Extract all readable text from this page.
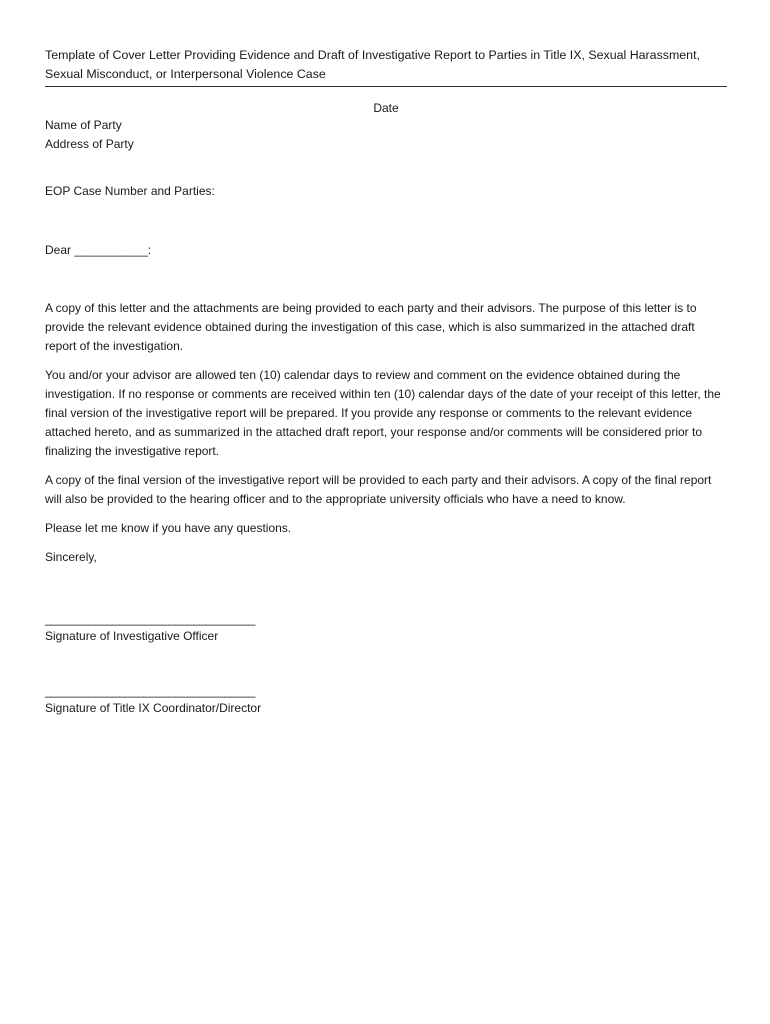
Template of Cover Letter Providing Evidence and Draft of Investigative Report to Parties in Title IX, Sexual Harassment, Sexual Misconduct, or Interpersonal Violence Case

Date

Name of Party

Address of Party

EOP Case Number and Parties:

Dear ___________:

A copy of this letter and the attachments are being provided to each party and their advisors. The purpose of this letter is to provide the relevant evidence obtained during the investigation of this case, which is also summarized in the attached draft report of the investigation.

You and/or your advisor are allowed ten (10) calendar days to review and comment on the evidence obtained during the investigation. If no response or comments are received within ten (10) calendar days of the date of your receipt of this letter, the final version of the investigative report will be prepared. If you provide any response or comments to the relevant evidence attached hereto, and as summarized in the attached draft report, your response and/or comments will be considered prior to finalizing the investigative report.

A copy of the final version of the investigative report will be provided to each party and their advisors. A copy of the final report will also be provided to the hearing officer and to the appropriate university officials who have a need to know.

Please let me know if you have any questions.

Sincerely,

__________________________________

Signature of Investigative Officer

__________________________________

Signature of Title IX Coordinator/Director
